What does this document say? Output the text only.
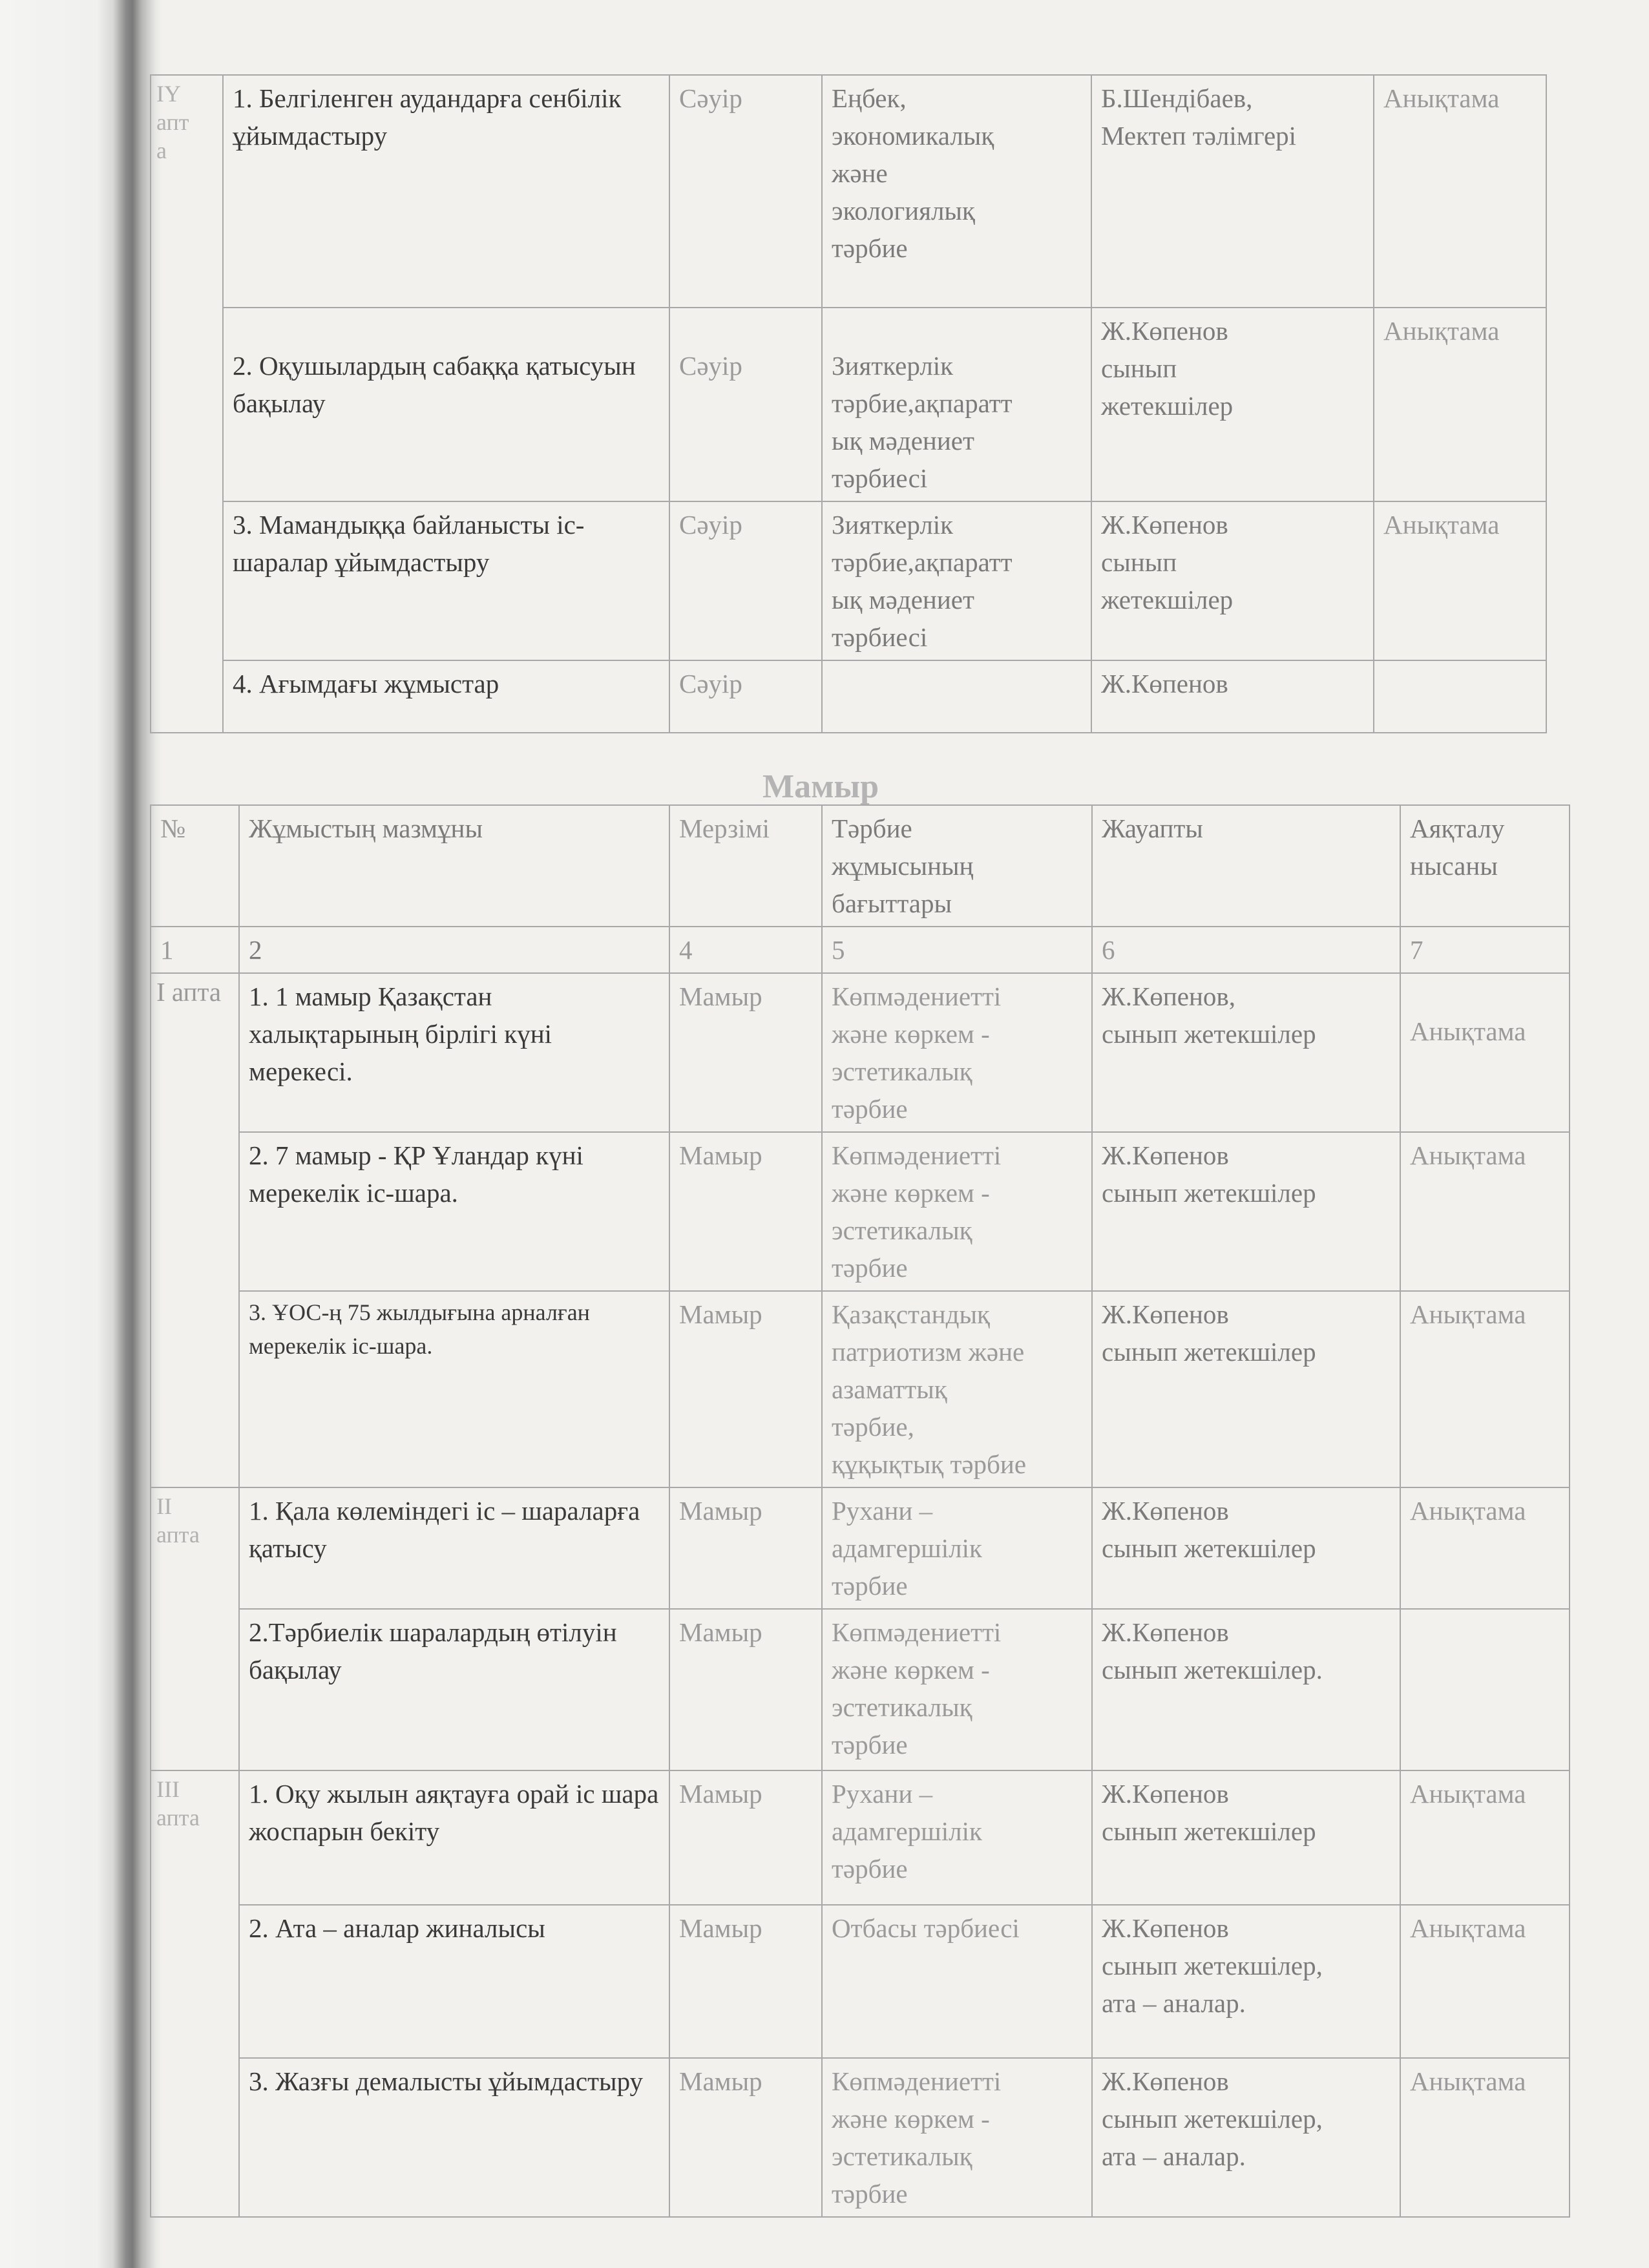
IY
апт
а	1. Белгіленген аудандарға сенбілік ұйымдастыру	Сәуір	Еңбек,
экономикалық
және
экологиялық
тәрбие	Б.Шендібаев,
Мектеп тәлімгері	Анықтама
	2. Оқушылардың сабаққа қатысуын бақылау	Сәуір	Зияткерлік
тәрбие,ақпаратт
ық мәдениет
тәрбиесі	Ж.Көпенов
сынып
жетекшілер	Анықтама
	3. Мамандыққа байланысты іс-шаралар ұйымдастыру	Сәуір	Зияткерлік
тәрбие,ақпаратт
ық мәдениет
тәрбиесі	Ж.Көпенов
сынып
жетекшілер	Анықтама
	4. Ағымдағы жұмыстар	Сәуір		Ж.Көпенов	
Мамыр
№	Жұмыстың мазмұны	Мерзімі	Тәрбие
жұмысының
бағыттары	Жауапты	Аяқталу
нысаны
1	2	4	5	6	7
I апта	1. 1 мамыр Қазақстан халықтарының бірлігі күні мерекесі.	Мамыр	Көпмәдениетті
және көркем -
эстетикалық
тәрбие	Ж.Көпенов,
сынып жетекшілер	Анықтама
	2. 7 мамыр - ҚР Ұландар күні мерекелік іс-шара.	Мамыр	Көпмәдениетті
және көркем -
эстетикалық
тәрбие	Ж.Көпенов
сынып жетекшілер	Анықтама
	3. ҰОС-ң 75 жылдығына арналған мерекелік іс-шара.	Мамыр	Қазақстандық
патриотизм және
азаматтық
тәрбие,
құқықтық тәрбие	Ж.Көпенов
сынып жетекшілер	Анықтама
II
апта	1. Қала көлеміндегі іс – шараларға қатысу	Мамыр	Рухани –
адамгершілік
тәрбие	Ж.Көпенов
сынып жетекшілер	Анықтама
	2.Тәрбиелік шаралардың өтілуін бақылау	Мамыр	Көпмәдениетті
және көркем -
эстетикалық
тәрбие	Ж.Көпенов
сынып жетекшілер.	
III
апта	1. Оқу жылын аяқтауға орай іс шара жоспарын бекіту	Мамыр	Рухани –
адамгершілік
тәрбие	Ж.Көпенов
сынып жетекшілер	Анықтама
	2. Ата – аналар жиналысы	Мамыр	Отбасы тәрбиесі	Ж.Көпенов
сынып жетекшілер,
ата – аналар.	Анықтама
	3. Жазғы демалысты ұйымдастыру	Мамыр	Көпмәдениетті
және көркем -
эстетикалық
тәрбие	Ж.Көпенов
сынып жетекшілер,
ата – аналар.	Анықтама
